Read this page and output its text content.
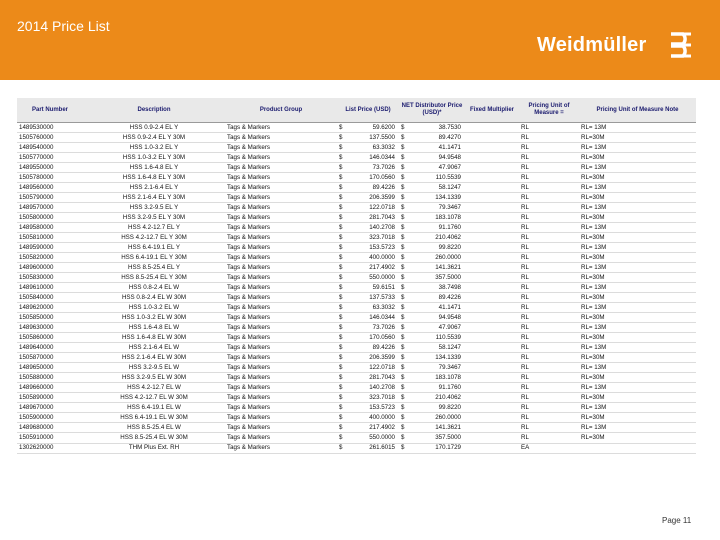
2014 Price List
Weidmüller
Part Number	Description	Product Group	List Price (USD)		NET Distributor Price (USD)*		Fixed Multiplier	Pricing Unit of Measure =	Pricing Unit of Measure Note
1489530000	HSS 0.9-2.4 EL Y	Tags & Markers	$	59.6200	$	38.7530		RL	RL= 13M
1505760000	HSS 0.9-2.4 EL Y 30M	Tags & Markers	$	137.5500	$	89.4270		RL	RL=30M
1489540000	HSS 1.0-3.2 EL Y	Tags & Markers	$	63.3032	$	41.1471		RL	RL= 13M
1505770000	HSS 1.0-3.2 EL Y 30M	Tags & Markers	$	146.0344	$	94.9548		RL	RL=30M
1489550000	HSS 1.6-4.8 EL Y	Tags & Markers	$	73.7026	$	47.9067		RL	RL= 13M
1505780000	HSS 1.6-4.8 EL Y 30M	Tags & Markers	$	170.0560	$	110.5539		RL	RL=30M
1489560000	HSS 2.1-6.4 EL Y	Tags & Markers	$	89.4226	$	58.1247		RL	RL= 13M
1505790000	HSS 2.1-6.4 EL Y 30M	Tags & Markers	$	206.3599	$	134.1339		RL	RL=30M
1489570000	HSS 3.2-9.5 EL Y	Tags & Markers	$	122.0718	$	79.3467		RL	RL= 13M
1505800000	HSS 3.2-9.5 EL Y 30M	Tags & Markers	$	281.7043	$	183.1078		RL	RL=30M
1489580000	HSS 4.2-12.7 EL Y	Tags & Markers	$	140.2708	$	91.1760		RL	RL= 13M
1505810000	HSS 4.2-12.7 EL Y 30M	Tags & Markers	$	323.7018	$	210.4062		RL	RL=30M
1489590000	HSS 6.4-19.1 EL Y	Tags & Markers	$	153.5723	$	99.8220		RL	RL= 13M
1505820000	HSS 6.4-19.1 EL Y 30M	Tags & Markers	$	400.0000	$	260.0000		RL	RL=30M
1489600000	HSS 8.5-25.4 EL Y	Tags & Markers	$	217.4902	$	141.3621		RL	RL= 13M
1505830000	HSS 8.5-25.4 EL Y 30M	Tags & Markers	$	550.0000	$	357.5000		RL	RL=30M
1489610000	HSS 0.8-2.4 EL W	Tags & Markers	$	59.6151	$	38.7498		RL	RL= 13M
1505840000	HSS 0.8-2.4 EL W 30M	Tags & Markers	$	137.5733	$	89.4226		RL	RL=30M
1489620000	HSS 1.0-3.2 EL W	Tags & Markers	$	63.3032	$	41.1471		RL	RL= 13M
1505850000	HSS 1.0-3.2 EL W 30M	Tags & Markers	$	146.0344	$	94.9548		RL	RL=30M
1489630000	HSS 1.6-4.8 EL W	Tags & Markers	$	73.7026	$	47.9067		RL	RL= 13M
1505860000	HSS 1.6-4.8 EL W 30M	Tags & Markers	$	170.0560	$	110.5539		RL	RL=30M
1489640000	HSS 2.1-6.4 EL W	Tags & Markers	$	89.4226	$	58.1247		RL	RL= 13M
1505870000	HSS 2.1-6.4 EL W 30M	Tags & Markers	$	206.3599	$	134.1339		RL	RL=30M
1489650000	HSS 3.2-9.5 EL W	Tags & Markers	$	122.0718	$	79.3467		RL	RL= 13M
1505880000	HSS 3.2-9.5 EL W 30M	Tags & Markers	$	281.7043	$	183.1078		RL	RL=30M
1489660000	HSS 4.2-12.7 EL W	Tags & Markers	$	140.2708	$	91.1760		RL	RL= 13M
1505890000	HSS 4.2-12.7 EL W 30M	Tags & Markers	$	323.7018	$	210.4062		RL	RL=30M
1489670000	HSS 6.4-19.1 EL W	Tags & Markers	$	153.5723	$	99.8220		RL	RL= 13M
1505900000	HSS 6.4-19.1 EL W 30M	Tags & Markers	$	400.0000	$	260.0000		RL	RL=30M
1489680000	HSS 8.5-25.4 EL W	Tags & Markers	$	217.4902	$	141.3621		RL	RL= 13M
1505910000	HSS 8.5-25.4 EL W 30M	Tags & Markers	$	550.0000	$	357.5000		RL	RL=30M
1302620000	THM Plus Ext. RH	Tags & Markers	$	261.6015	$	170.1729		EA	
Page 11
